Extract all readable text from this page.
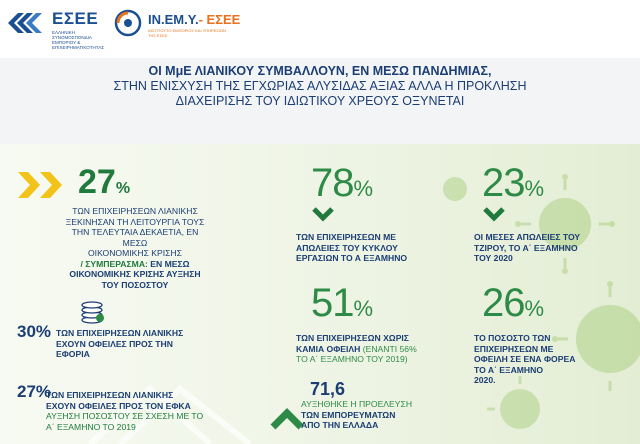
ΕΣΕΕ
ΕΛΛΗΝΙΚΗ ΣΥΝΟΜΟΣΠΟΝΔΙΑ ΕΜΠΟΡΙΟΥ & ΕΠΙΧΕΙΡΗΜΑΤΙΚΟΤΗΤΑΣ
IN.EM.Y.- ΕΣΕΕ
ΙΝΣΤΙΤΟΥΤΟ ΕΜΠΟΡΙΟΥ ΚΑΙ ΥΠΗΡΕΣΙΩΝ ΤΗΣ ΕΣΕΕ
ΟΙ ΜμΕ ΛΙΑΝΙΚΟΥ ΣΥΜΒΑΛΛΟΥΝ, ΕΝ ΜΕΣΩ ΠΑΝΔΗΜΙΑΣ,
ΣΤΗΝ ΕΝΙΣΧΥΣΗ ΤΗΣ ΕΓΧΩΡΙΑΣ ΑΛΥΣΙΔΑΣ ΑΞΙΑΣ ΑΛΛΑ Η ΠΡΟΚΛΗΣΗ
ΔΙΑΧΕΙΡΙΣΗΣ ΤΟΥ ΙΔΙΩΤΙΚΟΥ ΧΡΕΟΥΣ ΟΞΥΝΕΤΑΙ
27%
ΤΩΝ ΕΠΙΧΕΙΡΗΣΕΩΝ ΛΙΑΝΙΚΗΣ
ΞΕΚΙΝΗΣΑΝ ΤΗ ΛΕΙΤΟΥΡΓΙΑ ΤΟΥΣ
ΤΗΝ ΤΕΛΕΥΤΑΙΑ ΔΕΚΑΕΤΙΑ, ΕΝ ΜΕΣΩ
ΟΙΚΟΝΟΜΙΚΗΣ ΚΡΙΣΗΣ
/ ΣΥΜΠΕΡΑΣΜΑ: ΕΝ ΜΕΣΩ
ΟΙΚΟΝΟΜΙΚΗΣ ΚΡΙΣΗΣ ΑΥΞΗΣΗ
ΤΟΥ ΠΟΣΟΣΤΟΥ
30% ΤΩΝ ΕΠΙΧΕΙΡΗΣΕΩΝ ΛΙΑΝΙΚΗΣ
ΕΧΟΥΝ ΟΦΕΙΛΕΣ ΠΡΟΣ ΤΗΝ ΕΦΟΡΙΑ
27%
ΤΩΝ ΕΠΙΧΕΙΡΗΣΕΩΝ ΛΙΑΝΙΚΗΣ
ΕΧΟΥΝ ΟΦΕΙΛΕΣ ΠΡΟΣ ΤΟΝ ΕΦΚΑ
ΑΥΞΗΣΗ ΠΟΣΟΣΤΟΥ ΣΕ ΣΧΕΣΗ ΜΕ ΤΟ
Α΄ ΕΞΑΜΗΝΟ ΤΟ 2019
78%
ΤΩΝ ΕΠΙΧΕΙΡΗΣΕΩΝ ΜΕ
ΑΠΩΛΕΙΕΣ ΤΟΥ ΚΥΚΛΟΥ
ΕΡΓΑΣΙΩΝ ΤΟ Α ΕΞΑΜΗΝΟ
23%
ΟΙ ΜΕΣΕΣ ΑΠΩΛΕΙΕΣ ΤΟΥ
ΤΖΙΡΟΥ, ΤΟ Α΄ ΕΞΑΜΗΝΟ
ΤΟΥ 2020
51%
ΤΩΝ ΕΠΙΧΕΙΡΗΣΕΩΝ ΧΩΡΙΣ
ΚΑΜΙΑ ΟΦΕΙΛΗ (ΕΝΑΝΤΙ 56%
ΤΟ Α΄ ΕΞΑΜΗΝΟ ΤΟΥ 2019)
26%
ΤΟ ΠΟΣΟΣΤΟ ΤΩΝ
ΕΠΙΧΕΙΡΗΣΕΩΝ ΜΕ
ΟΦΕΙΛΗ ΣΕ ΕΝΑ ΦΟΡΕΑ
ΤΟ Α΄ ΕΞΑΜΗΝΟ
2020.
71,6
ΑΥΞΗΘΗΚΕ Η ΠΡΟΕΛΕΥΣΗ
ΤΩΝ ΕΜΠΟΡΕΥΜΑΤΩΝ
ΑΠΟ ΤΗΝ ΕΛΛΑΔΑ
